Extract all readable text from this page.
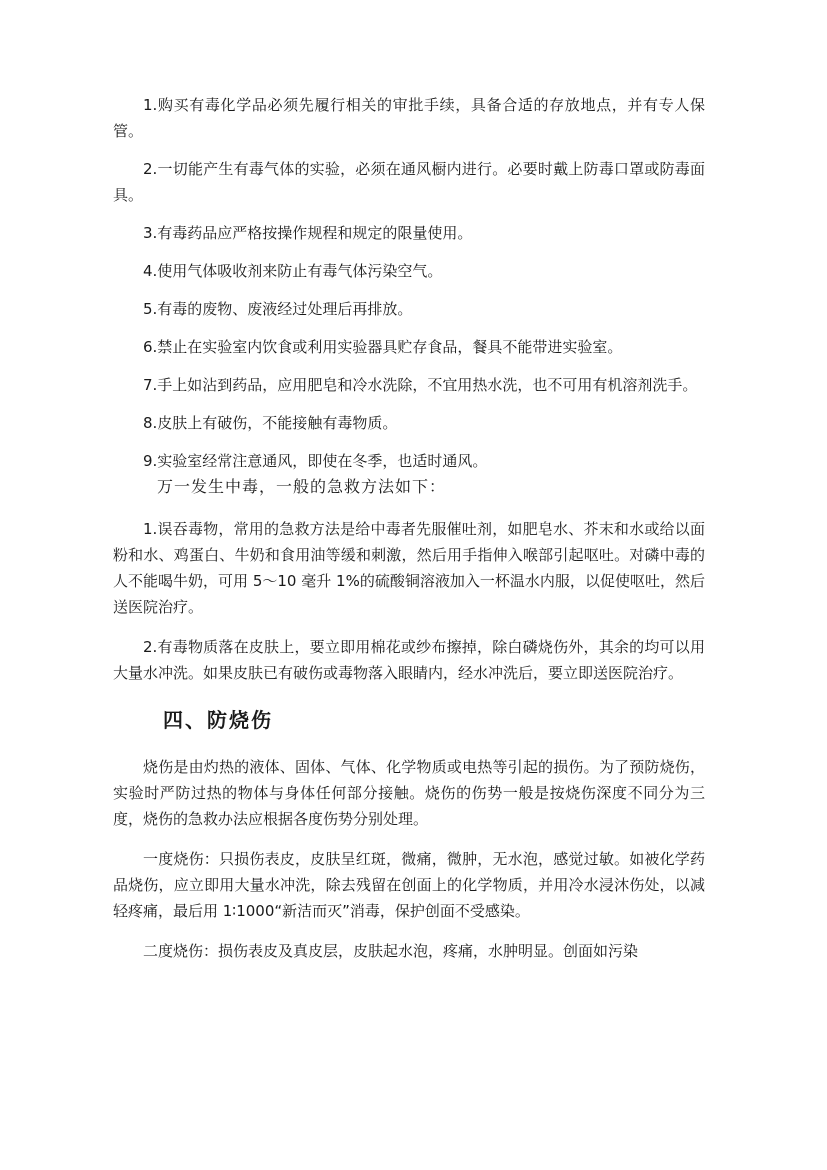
1.购买有毒化学品必须先履行相关的审批手续，具备合适的存放地点，并有专人保管。

2.一切能产生有毒气体的实验，必须在通风橱内进行。必要时戴上防毒口罩或防毒面具。

3.有毒药品应严格按操作规程和规定的限量使用。

4.使用气体吸收剂来防止有毒气体污染空气。

5.有毒的废物、废液经过处理后再排放。

6.禁止在实验室内饮食或利用实验器具贮存食品，餐具不能带进实验室。

7.手上如沾到药品，应用肥皂和冷水洗除，不宜用热水洗，也不可用有机溶剂洗手。

8.皮肤上有破伤，不能接触有毒物质。

9.实验室经常注意通风，即使在冬季，也适时通风。

万一发生中毒，一般的急救方法如下：

1.误吞毒物，常用的急救方法是给中毒者先服催吐剂，如肥皂水、芥末和水或给以面粉和水、鸡蛋白、牛奶和食用油等缓和刺激，然后用手指伸入喉部引起呕吐。对磷中毒的人不能喝牛奶，可用 5～10 毫升 1%的硫酸铜溶液加入一杯温水内服，以促使呕吐，然后送医院治疗。

2.有毒物质落在皮肤上，要立即用棉花或纱布擦掉，除白磷烧伤外，其余的均可以用大量水冲洗。如果皮肤已有破伤或毒物落入眼睛内，经水冲洗后，要立即送医院治疗。

四、防烧伤

烧伤是由灼热的液体、固体、气体、化学物质或电热等引起的损伤。为了预防烧伤，实验时严防过热的物体与身体任何部分接触。烧伤的伤势一般是按烧伤深度不同分为三度，烧伤的急救办法应根据各度伤势分别处理。

一度烧伤：只损伤表皮，皮肤呈红斑，微痛，微肿，无水泡，感觉过敏。如被化学药品烧伤，应立即用大量水冲洗，除去残留在创面上的化学物质，并用冷水浸沐伤处，以减轻疼痛，最后用 1∶1000“新洁而灭”消毒，保护创面不受感染。

二度烧伤：损伤表皮及真皮层，皮肤起水泡，疼痛，水肿明显。创面如污染
